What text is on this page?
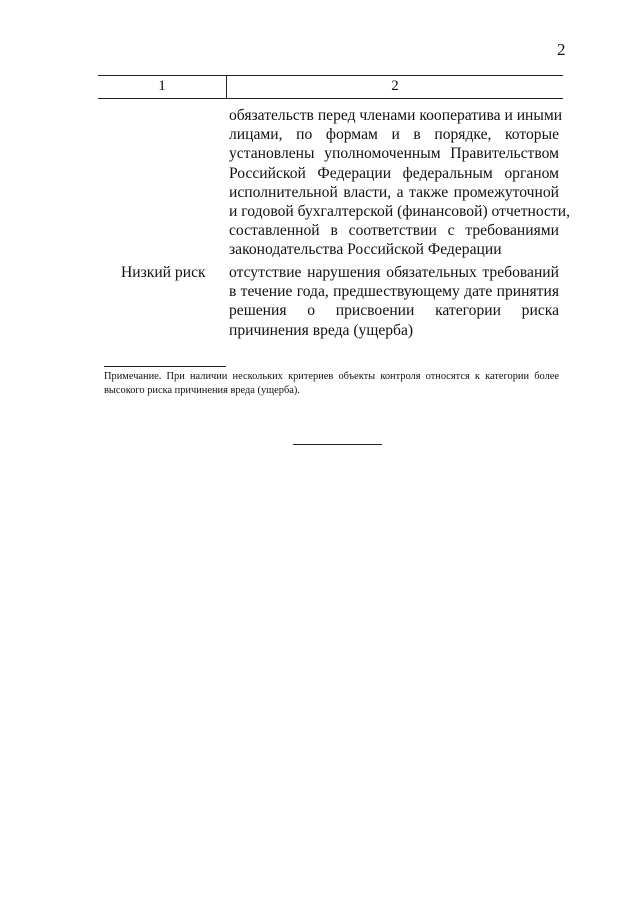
2
1	2
обязательств перед членами кооператива и иными
лицами, по формам и в порядке, которые
установлены уполномоченным Правительством
Российской Федерации федеральным органом
исполнительной власти, а также промежуточной
и годовой бухгалтерской (финансовой) отчетности,
составленной в соответствии с требованиями
законодательства Российской Федерации
Низкий риск отсутствие нарушения обязательных требований
в течение года, предшествующему дате принятия
решения о присвоении категории риска
причинения вреда (ущерба)
Примечание. При наличии нескольких критериев объекты контроля относятся к категории более
высокого риска причинения вреда (ущерба).
